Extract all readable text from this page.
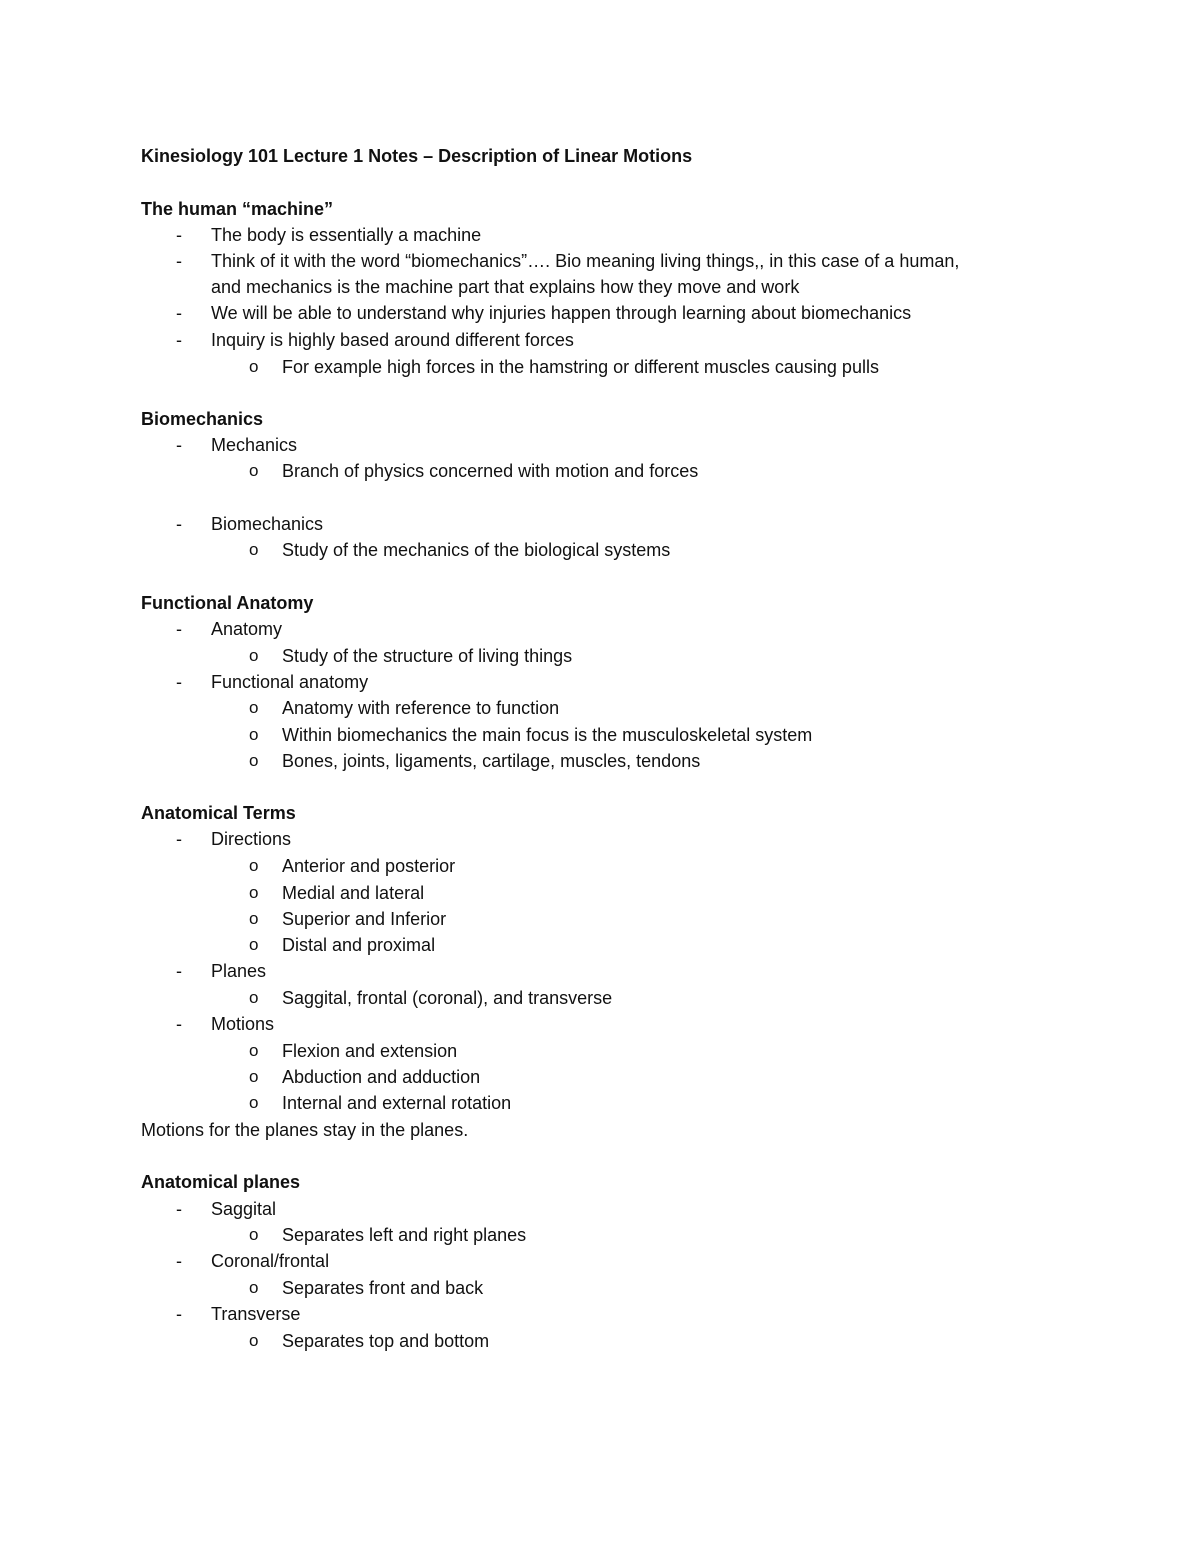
Kinesiology 101 Lecture 1 Notes – Description of Linear Motions
The human “machine”
- The body is essentially a machine
- Think of it with the word “biomechanics”…. Bio meaning living things,, in this case of a human,
and mechanics is the machine part that explains how they move and work
- We will be able to understand why injuries happen through learning about biomechanics
- Inquiry is highly based around different forces
o For example high forces in the hamstring or different muscles causing pulls
Biomechanics
- Mechanics
o Branch of physics concerned with motion and forces
- Biomechanics
o Study of the mechanics of the biological systems
Functional Anatomy
- Anatomy
o Study of the structure of living things
- Functional anatomy
o Anatomy with reference to function
o Within biomechanics the main focus is the musculoskeletal system
o Bones, joints, ligaments, cartilage, muscles, tendons
Anatomical Terms
- Directions
o Anterior and posterior
o Medial and lateral
o Superior and Inferior
o Distal and proximal
- Planes
o Saggital, frontal (coronal), and transverse
- Motions
o Flexion and extension
o Abduction and adduction
o Internal and external rotation
Motions for the planes stay in the planes.
Anatomical planes
- Saggital
o Separates left and right planes
- Coronal/frontal
o Separates front and back
- Transverse
o Separates top and bottom
